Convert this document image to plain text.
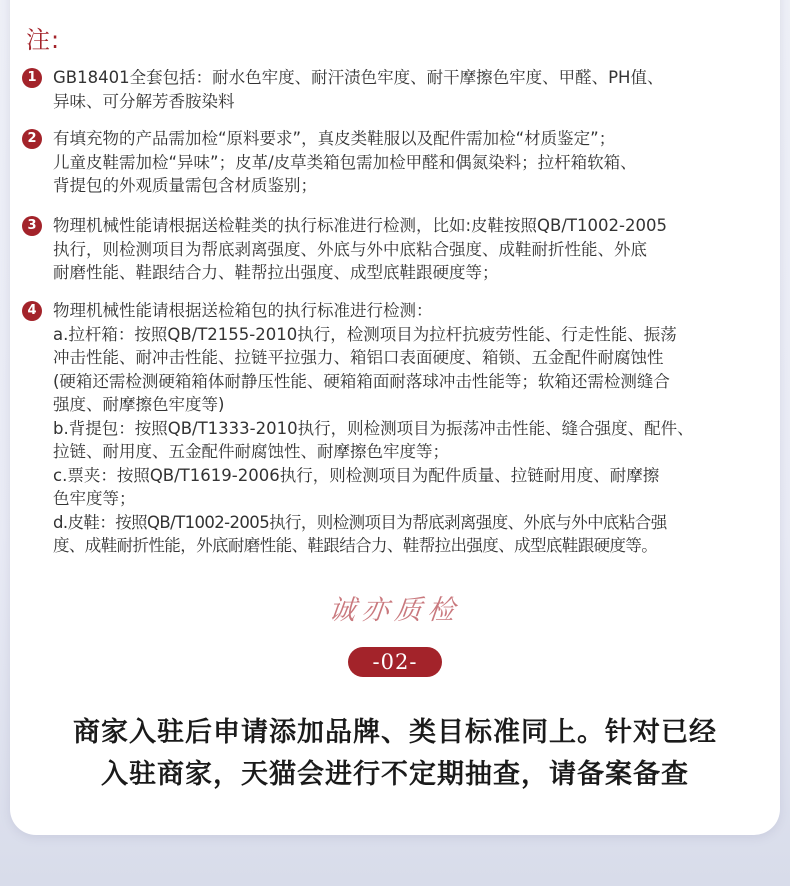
注:
1 GB18401全套包括：耐水色牢度、耐汗渍色牢度、耐干摩擦色牢度、甲醛、PH值、
异味、可分解芳香胺染料
2 有填充物的产品需加检“原料要求”，真皮类鞋服以及配件需加检“材质鉴定”；
儿童皮鞋需加检“异味”；皮革/皮草类箱包需加检甲醛和偶氮染料；拉杆箱软箱、
背提包的外观质量需包含材质鉴别；
3 物理机械性能请根据送检鞋类的执行标准进行检测，比如:皮鞋按照QB/T1002-2005
执行，则检测项目为帮底剥离强度、外底与外中底粘合强度、成鞋耐折性能、外底
耐磨性能、鞋跟结合力、鞋帮拉出强度、成型底鞋跟硬度等；
4 物理机械性能请根据送检箱包的执行标准进行检测：
a.拉杆箱：按照QB/T2155-2010执行，检测项目为拉杆抗疲劳性能、行走性能、振荡
冲击性能、耐冲击性能、拉链平拉强力、箱铝口表面硬度、箱锁、五金配件耐腐蚀性
(硬箱还需检测硬箱箱体耐静压性能、硬箱箱面耐落球冲击性能等；软箱还需检测缝合
强度、耐摩擦色牢度等)
b.背提包：按照QB/T1333-2010执行，则检测项目为振荡冲击性能、缝合强度、配件、
拉链、耐用度、五金配件耐腐蚀性、耐摩擦色牢度等；
c.票夹：按照QB/T1619-2006执行，则检测项目为配件质量、拉链耐用度、耐摩擦
色牢度等；
d.皮鞋：按照QB/T1002-2005执行，则检测项目为帮底剥离强度、外底与外中底粘合强
度、成鞋耐折性能，外底耐磨性能、鞋跟结合力、鞋帮拉出强度、成型底鞋跟硬度等。
诚亦质检
-02-
商家入驻后申请添加品牌、类目标准同上。针对已经
入驻商家，天猫会进行不定期抽查，请备案备查
